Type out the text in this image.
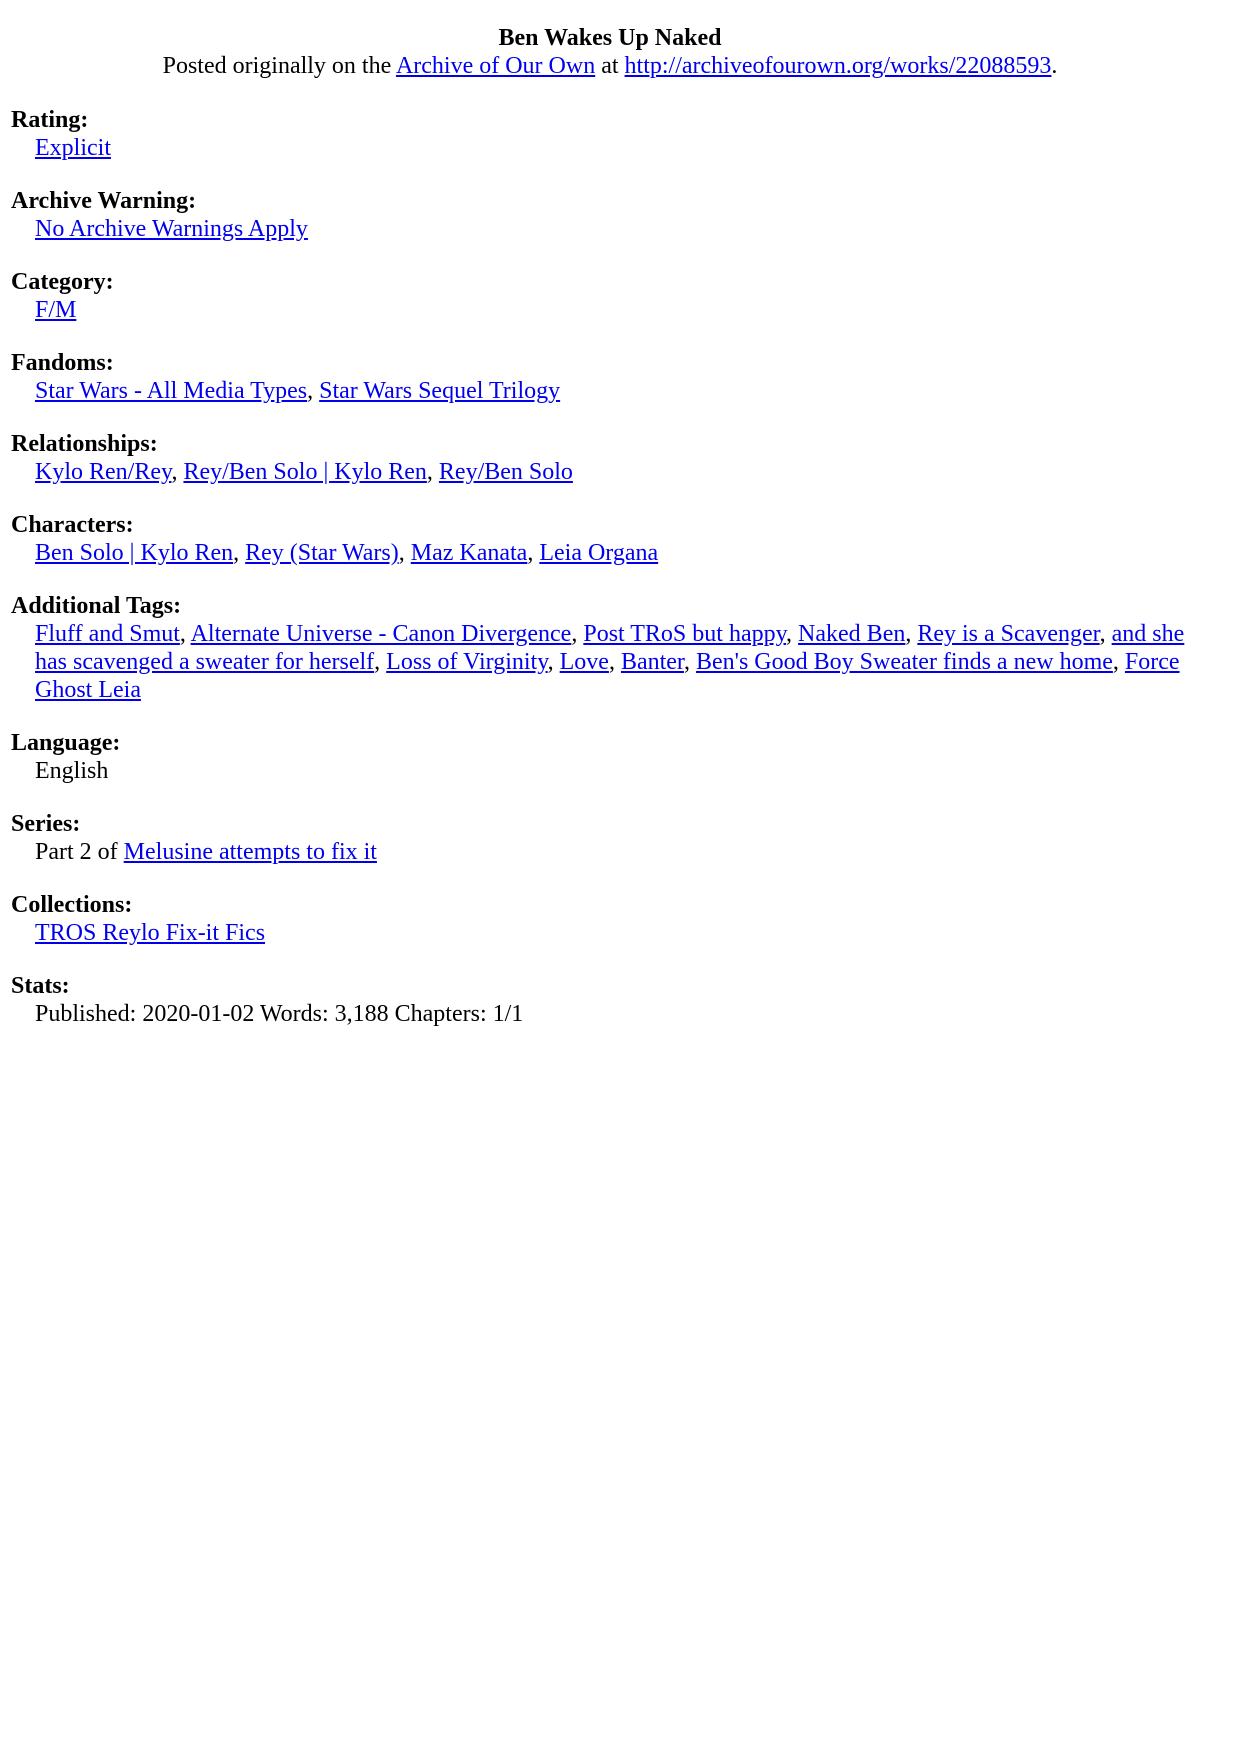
Ben Wakes Up Naked
Posted originally on the Archive of Our Own at http://archiveofourown.org/works/22088593.
Rating:
Explicit
Archive Warning:
No Archive Warnings Apply
Category:
F/M
Fandoms:
Star Wars - All Media Types, Star Wars Sequel Trilogy
Relationships:
Kylo Ren/Rey, Rey/Ben Solo | Kylo Ren, Rey/Ben Solo
Characters:
Ben Solo | Kylo Ren, Rey (Star Wars), Maz Kanata, Leia Organa
Additional Tags:
Fluff and Smut, Alternate Universe - Canon Divergence, Post TRoS but happy, Naked Ben, Rey is a Scavenger, and she has scavenged a sweater for herself, Loss of Virginity, Love, Banter, Ben's Good Boy Sweater finds a new home, Force Ghost Leia
Language:
English
Series:
Part 2 of Melusine attempts to fix it
Collections:
TROS Reylo Fix-it Fics
Stats:
Published: 2020-01-02 Words: 3,188 Chapters: 1/1
